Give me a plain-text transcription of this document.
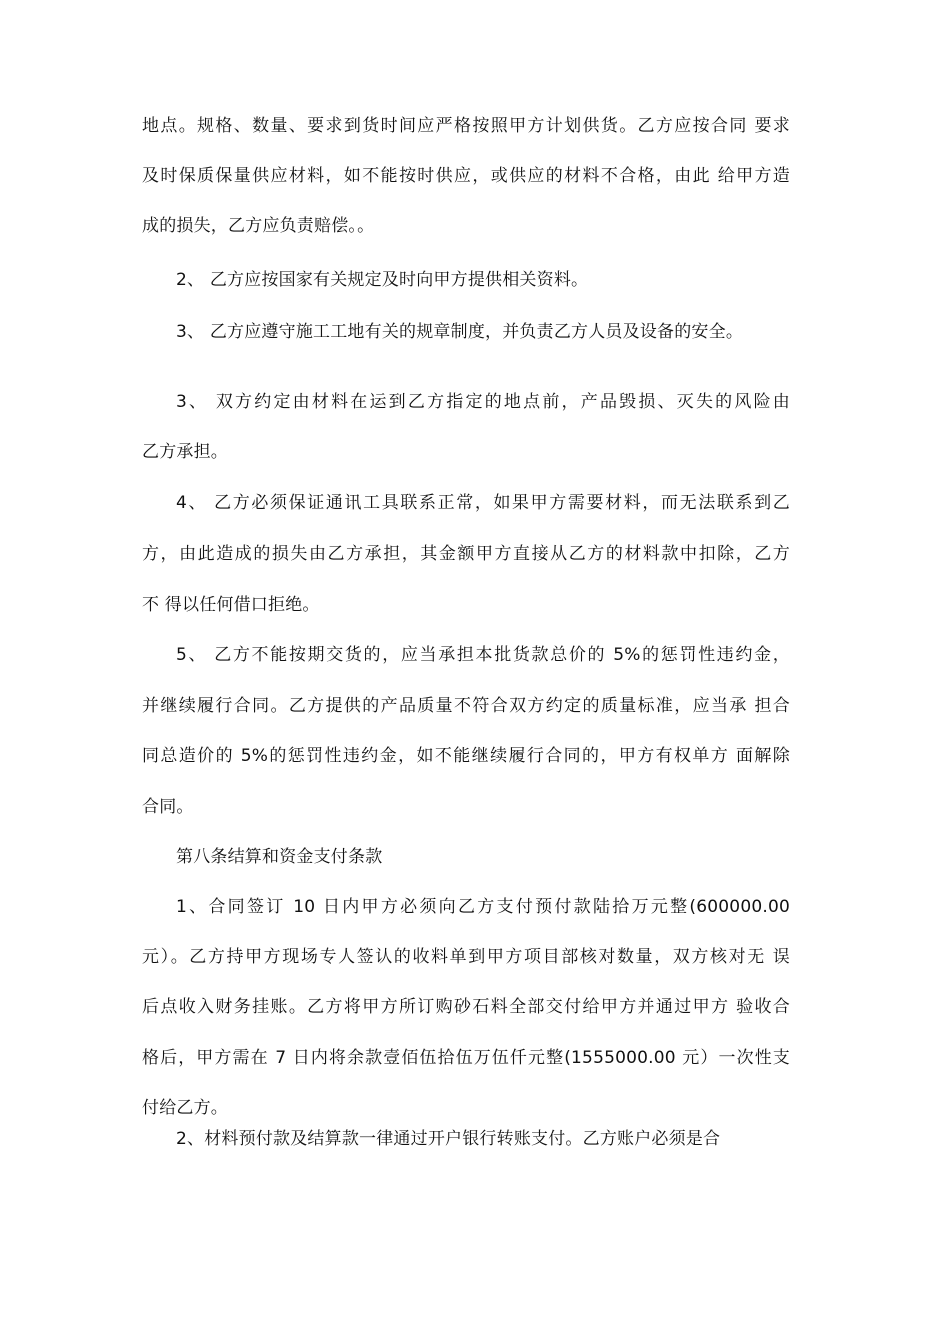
地点。规格、数量、要求到货时间应严格按照甲方计划供货。乙方应按合同 要求
及时保质保量供应材料，如不能按时供应，或供应的材料不合格，由此 给甲方造
成的损失，乙方应负责赔偿。。
2、 乙方应按国家有关规定及时向甲方提供相关资料。
3、 乙方应遵守施工工地有关的规章制度，并负责乙方人员及设备的安全。
3、 双方约定由材料在运到乙方指定的地点前，产品毁损、灭失的风险由
乙方承担。
4、 乙方必须保证通讯工具联系正常，如果甲方需要材料，而无法联系到乙
方，由此造成的损失由乙方承担，其金额甲方直接从乙方的材料款中扣除，乙方
不 得以任何借口拒绝。
5、 乙方不能按期交货的，应当承担本批货款总价的 5%的惩罚性违约金，
并继续履行合同。乙方提供的产品质量不符合双方约定的质量标准，应当承 担合
同总造价的 5%的惩罚性违约金，如不能继续履行合同的，甲方有权单方 面解除
合同。
第八条结算和资金支付条款
1、合同签订 10 日内甲方必须向乙方支付预付款陆拾万元整(600000.00
元）。乙方持甲方现场专人签认的收料单到甲方项目部核对数量，双方核对无 误
后点收入财务挂账。乙方将甲方所订购砂石料全部交付给甲方并通过甲方 验收合
格后，甲方需在 7 日内将余款壹佰伍拾伍万伍仟元整(1555000.00 元）一次性支
付给乙方。
2、材料预付款及结算款一律通过开户银行转账支付。乙方账户必须是合
